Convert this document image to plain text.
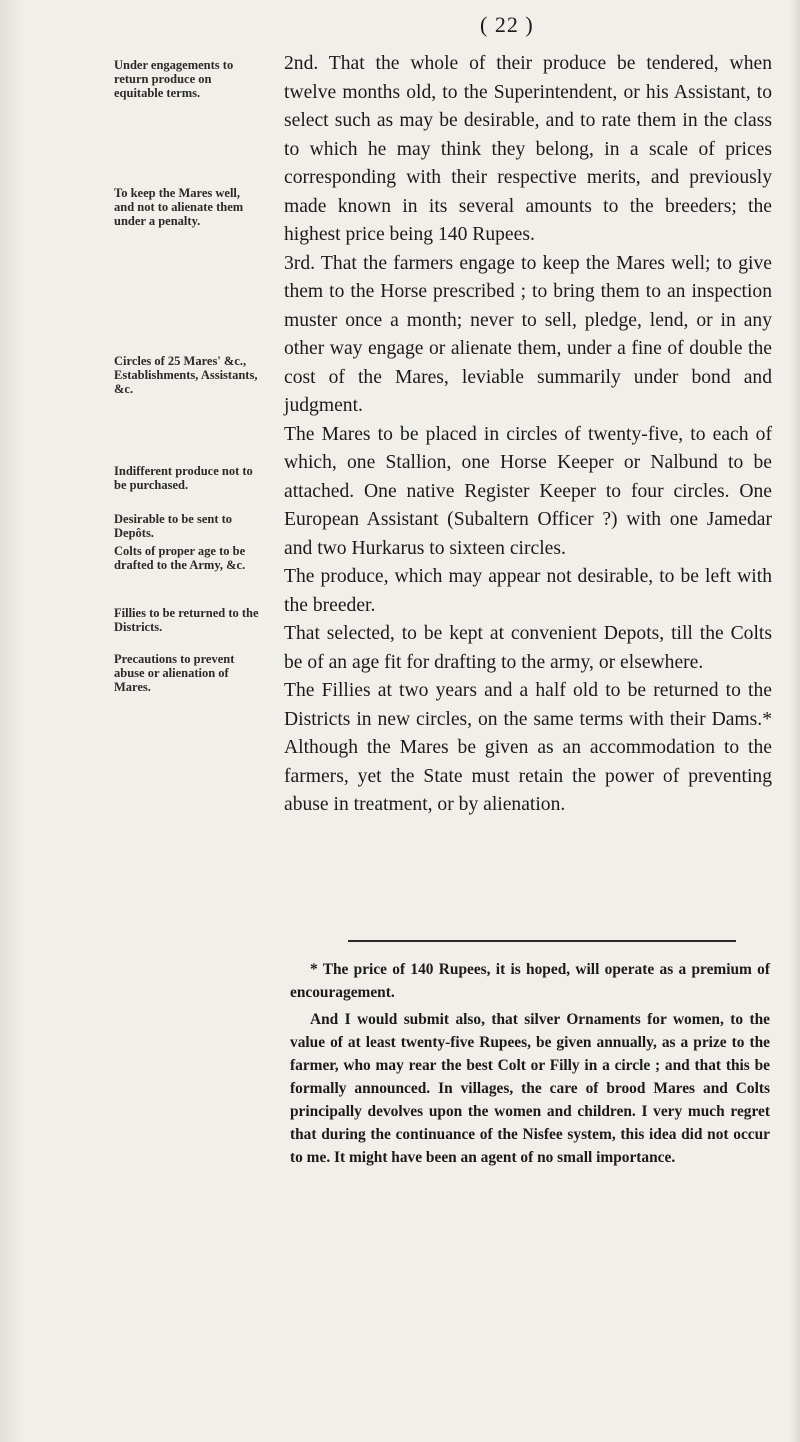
( 22 )
Under engagements to return produce on equitable terms.
To keep the Mares well, and not to alienate them under a penalty.
Circles of 25 Mares' &c., Establishments, Assistants, &c.
Indifferent produce not to be purchased.
Desirable to be sent to Depôts.
Colts of proper age to be drafted to the Army, &c.
Fillies to be returned to the Districts.
Precautions to prevent abuse or alienation of Mares.

2nd. That the whole of their produce be tendered, when twelve months old, to the Superintendent, or his Assistant, to select such as may be desirable, and to rate them in the class to which he may think they belong, in a scale of prices corresponding with their respective merits, and previously made known in its several amounts to the breeders; the highest price being 140 Rupees.

3rd. That the farmers engage to keep the Mares well; to give them to the Horse prescribed ; to bring them to an inspection muster once a month; never to sell, pledge, lend, or in any other way engage or alienate them, under a fine of double the cost of the Mares, leviable summarily under bond and judgment.

The Mares to be placed in circles of twenty-five, to each of which, one Stallion, one Horse Keeper or Nalbund to be attached. One native Register Keeper to four circles. One European Assistant (Subaltern Officer ?) with one Jamedar and two Hurkarus to sixteen circles.

The produce, which may appear not desirable, to be left with the breeder.

That selected, to be kept at convenient Depots, till the Colts be of an age fit for drafting to the army, or elsewhere.

The Fillies at two years and a half old to be returned to the Districts in new circles, on the same terms with their Dams.* Although the Mares be given as an accommodation to the farmers, yet the State must retain the power of preventing abuse in treatment, or by alienation.

* The price of 140 Rupees, it is hoped, will operate as a premium of encouragement.

And I would submit also, that silver Ornaments for women, to the value of at least twenty-five Rupees, be given annually, as a prize to the farmer, who may rear the best Colt or Filly in a circle ; and that this be formally announced. In villages, the care of brood Mares and Colts principally devolves upon the women and children. I very much regret that during the continuance of the Nisfee system, this idea did not occur to me. It might have been an agent of no small importance.
